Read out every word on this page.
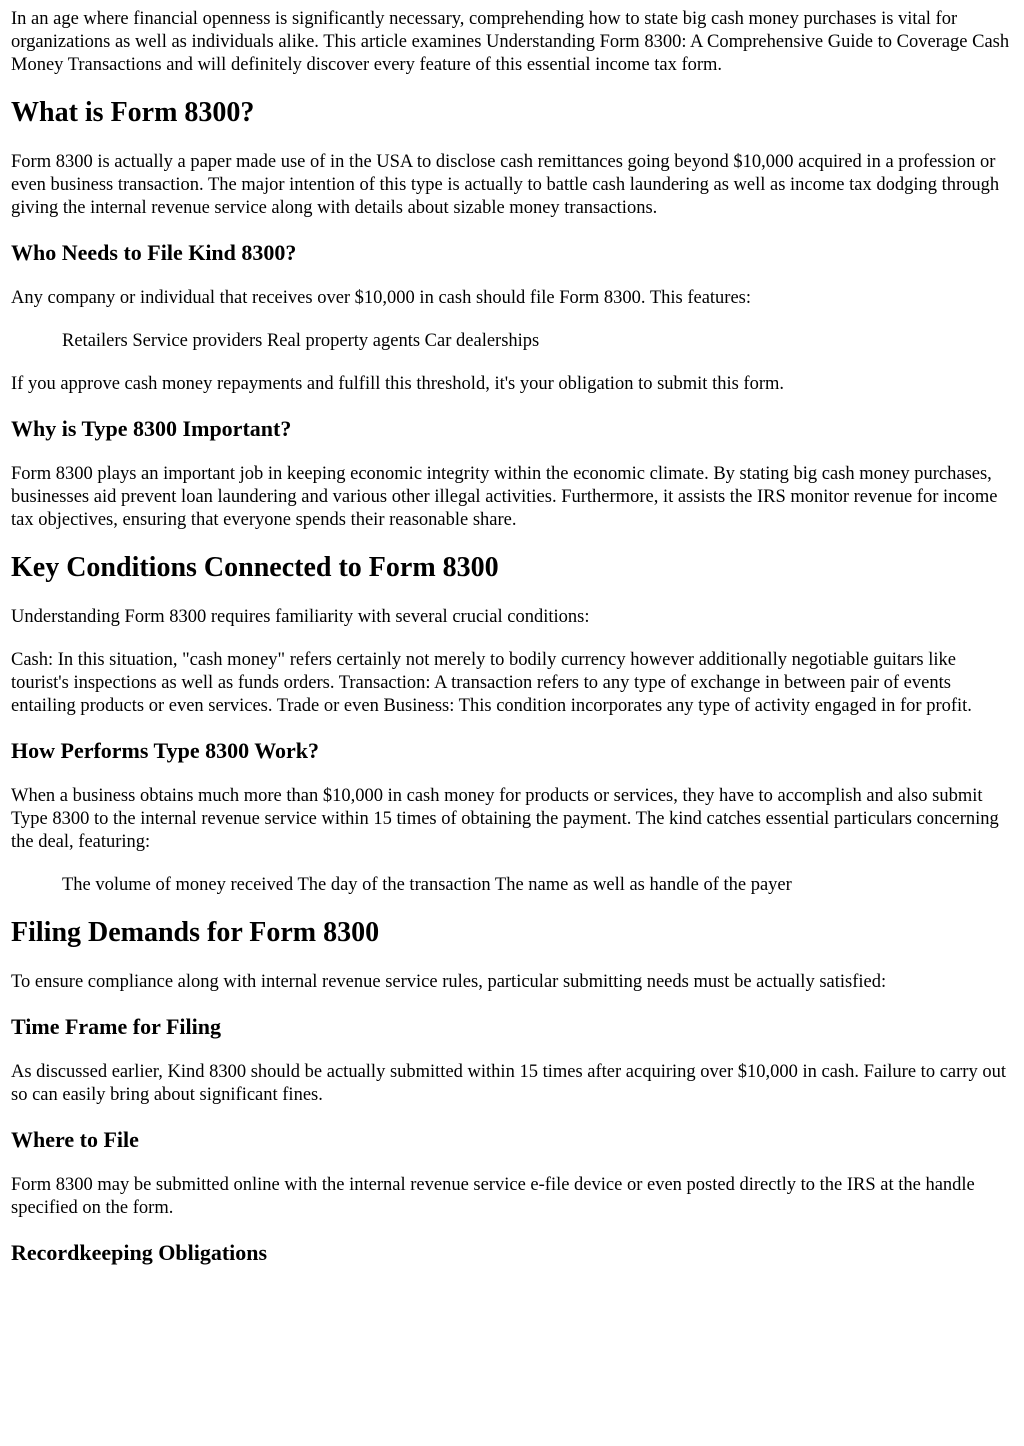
In an age where financial openness is significantly necessary, comprehending how to state big cash money purchases is vital for organizations as well as individuals alike. This article examines Understanding Form 8300: A Comprehensive Guide to Coverage Cash Money Transactions and will definitely discover every feature of this essential income tax form.

What is Form 8300?

Form 8300 is actually a paper made use of in the USA to disclose cash remittances going beyond $10,000 acquired in a profession or even business transaction. The major intention of this type is actually to battle cash laundering as well as income tax dodging through giving the internal revenue service along with details about sizable money transactions.

Who Needs to File Kind 8300?

Any company or individual that receives over $10,000 in cash should file Form 8300. This features:

Retailers Service providers Real property agents Car dealerships

If you approve cash money repayments and fulfill this threshold, it's your obligation to submit this form.

Why is Type 8300 Important?

Form 8300 plays an important job in keeping economic integrity within the economic climate. By stating big cash money purchases, businesses aid prevent loan laundering and various other illegal activities. Furthermore, it assists the IRS monitor revenue for income tax objectives, ensuring that everyone spends their reasonable share.

Key Conditions Connected to Form 8300

Understanding Form 8300 requires familiarity with several crucial conditions:

Cash: In this situation, "cash money" refers certainly not merely to bodily currency however additionally negotiable guitars like tourist's inspections as well as funds orders. Transaction: A transaction refers to any type of exchange in between pair of events entailing products or even services. Trade or even Business: This condition incorporates any type of activity engaged in for profit.

How Performs Type 8300 Work?

When a business obtains much more than $10,000 in cash money for products or services, they have to accomplish and also submit Type 8300 to the internal revenue service within 15 times of obtaining the payment. The kind catches essential particulars concerning the deal, featuring:

The volume of money received The day of the transaction The name as well as handle of the payer

Filing Demands for Form 8300

To ensure compliance along with internal revenue service rules, particular submitting needs must be actually satisfied:

Time Frame for Filing

As discussed earlier, Kind 8300 should be actually submitted within 15 times after acquiring over $10,000 in cash. Failure to carry out so can easily bring about significant fines.

Where to File

Form 8300 may be submitted online with the internal revenue service e-file device or even posted directly to the IRS at the handle specified on the form.

Recordkeeping Obligations
